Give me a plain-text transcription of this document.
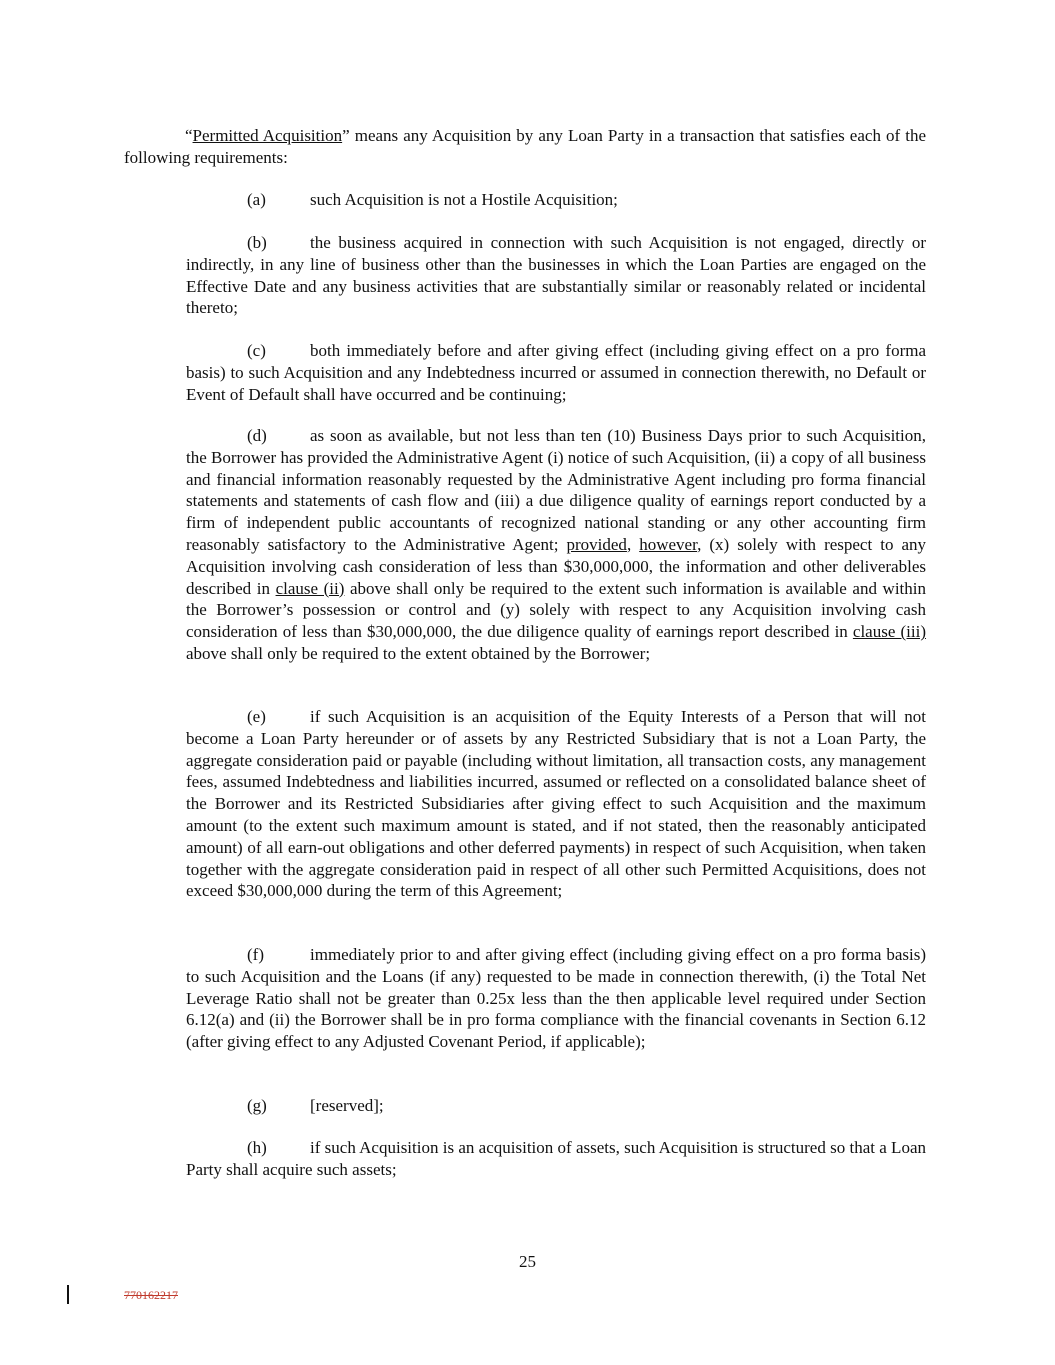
“Permitted Acquisition” means any Acquisition by any Loan Party in a transaction that satisfies each of the following requirements:

(a)	such Acquisition is not a Hostile Acquisition;

(b)	the business acquired in connection with such Acquisition is not engaged, directly or indirectly, in any line of business other than the businesses in which the Loan Parties are engaged on the Effective Date and any business activities that are substantially similar or reasonably related or incidental thereto;

(c)	both immediately before and after giving effect (including giving effect on a pro forma basis) to such Acquisition and any Indebtedness incurred or assumed in connection therewith, no Default or Event of Default shall have occurred and be continuing;

(d)	as soon as available, but not less than ten (10) Business Days prior to such Acquisition, the Borrower has provided the Administrative Agent (i) notice of such Acquisition, (ii) a copy of all business and financial information reasonably requested by the Administrative Agent including pro forma financial statements and statements of cash flow and (iii) a due diligence quality of earnings report conducted by a firm of independent public accountants of recognized national standing or any other accounting firm reasonably satisfactory to the Administrative Agent; provided, however, (x) solely with respect to any Acquisition involving cash consideration of less than $30,000,000, the information and other deliverables described in clause (ii) above shall only be required to the extent such information is available and within the Borrower’s possession or control and (y) solely with respect to any Acquisition involving cash consideration of less than $30,000,000, the due diligence quality of earnings report described in clause (iii) above shall only be required to the extent obtained by the Borrower;

(e)	if such Acquisition is an acquisition of the Equity Interests of a Person that will not become a Loan Party hereunder or of assets by any Restricted Subsidiary that is not a Loan Party, the aggregate consideration paid or payable (including without limitation, all transaction costs, any management fees, assumed Indebtedness and liabilities incurred, assumed or reflected on a consolidated balance sheet of the Borrower and its Restricted Subsidiaries after giving effect to such Acquisition and the maximum amount (to the extent such maximum amount is stated, and if not stated, then the reasonably anticipated amount) of all earn-out obligations and other deferred payments) in respect of such Acquisition, when taken together with the aggregate consideration paid in respect of all other such Permitted Acquisitions, does not exceed $30,000,000 during the term of this Agreement;

(f)	immediately prior to and after giving effect (including giving effect on a pro forma basis) to such Acquisition and the Loans (if any) requested to be made in connection therewith, (i) the Total Net Leverage Ratio shall not be greater than 0.25x less than the then applicable level required under Section 6.12(a) and (ii) the Borrower shall be in pro forma compliance with the financial covenants in Section 6.12 (after giving effect to any Adjusted Covenant Period, if applicable);

(g)	[reserved];

(h)	if such Acquisition is an acquisition of assets, such Acquisition is structured so that a Loan Party shall acquire such assets;

25
770162217
